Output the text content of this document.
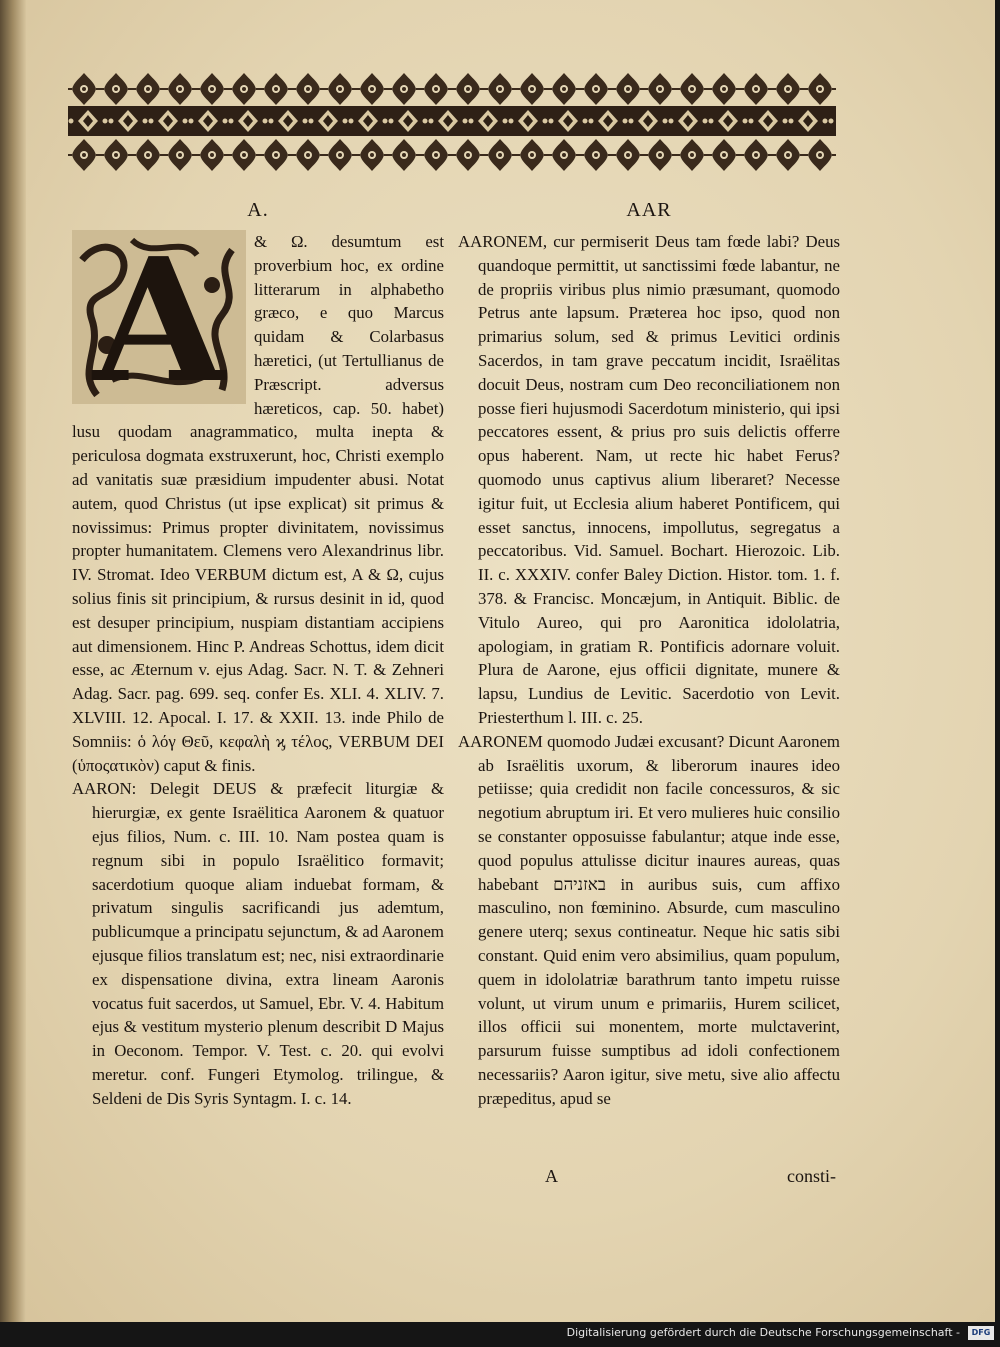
A.
A	& Ω. desumtum est proverbium hoc, ex ordine litterarum in alphabetho græco, e quo Marcus quidam & Colarbasus hæretici, (ut Tertullianus de Præscript. adversus hæreticos, cap. 50. habet) lusu quodam anagrammatico, multa inepta & periculosa dogmata exstruxerunt, hoc, Christi exemplo ad vanitatis suæ præsidium impudenter abusi. Notat autem, quod Christus (ut ipse explicat) sit primus & novissimus: Primus propter divinitatem, novissimus propter humanitatem. Clemens vero Alexandrinus libr. IV. Stromat. Ideo VERBUM dictum est, A & Ω, cujus solius finis sit principium, & rursus desinit in id, quod est desuper principium, nuspiam distantiam accipiens aut dimensionem. Hinc P. Andreas Schottus, idem dicit esse, ac Æternum v. ejus Adag. Sacr. N. T. & Zehneri Adag. Sacr. pag. 699. seq. confer Es. XLI. 4. XLIV. 7. XLVIII. 12. Apocal. I. 17. & XXII. 13. inde Philo de Somniis: ὁ λόγ Θεῦ, κεφαλὴ ϗ τέλος, VERBUM DEI (ὑποςατικὸν) caput & finis.

AARON: Delegit DEUS & præfecit liturgiæ & hierurgiæ, ex gente Israëlitica Aaronem & quatuor ejus filios, Num. c. III. 10. Nam postea quam is regnum sibi in populo Israëlitico formavit; sacerdotium quoque aliam induebat formam, & privatum singulis sacrificandi jus ademtum, publicumque a principatu sejunctum, & ad Aaronem ejusque filios translatum est; nec, nisi extraordinarie ex dispensatione divina, extra lineam Aaronis vocatus fuit sacerdos, ut Samuel, Ebr. V. 4. Habitum ejus & vestitum mysterio plenum describit D Majus in Oeconom. Tempor. V. Test. c. 20. qui evolvi meretur. conf. Fungeri Etymolog. trilingue, & Seldeni de Dis Syris Syntagm. I. c. 14.

AAR

AARONEM, cur permiserit Deus tam fœde labi? Deus quandoque permittit, ut sanctissimi fœde labantur, ne de propriis viribus plus nimio præsumant, quomodo Petrus ante lapsum. Præterea hoc ipso, quod non primarius solum, sed & primus Levitici ordinis Sacerdos, in tam grave peccatum incidit, Israëlitas docuit Deus, nostram cum Deo reconciliationem non posse fieri hujusmodi Sacerdotum ministerio, qui ipsi peccatores essent, & prius pro suis delictis offerre opus haberent. Nam, ut recte hic habet Ferus? quomodo unus captivus alium liberaret? Necesse igitur fuit, ut Ecclesia alium haberet Pontificem, qui esset sanctus, innocens, impollutus, segregatus a peccatoribus. Vid. Samuel. Bochart. Hierozoic. Lib. II. c. XXXIV. confer Baley Diction. Histor. tom. 1. f. 378. & Francisc. Moncæjum, in Antiquit. Biblic. de Vitulo Aureo, qui pro Aaronitica idololatria, apologiam, in gratiam R. Pontificis adornare voluit. Plura de Aarone, ejus officii dignitate, munere & lapsu, Lundius de Levitic. Sacerdotio von Levit. Priesterthum l. III. c. 25.

AARONEM quomodo Judæi excusant? Dicunt Aaronem ab Israëlitis uxorum, & liberorum inaures ideo petiisse; quia credidit non facile concessuros, & sic negotium abruptum iri. Et vero mulieres huic consilio se constanter opposuisse fabulantur; atque inde esse, quod populus attulisse dicitur inaures aureas, quas habebant באזניהם in auribus suis, cum affixo masculino, non fœminino. Absurde, cum masculino genere uterq; sexus contineatur. Neque hic satis sibi constant. Quid enim vero absimilius, quam populum, quem in idololatriæ barathrum tanto impetu ruisse volunt, ut virum unum e primariis, Hurem scilicet, illos officii sui monentem, morte mulctaverint, parsurum fuisse sumptibus ad idoli confectionem necessariis? Aaron igitur, sive metu, sive alio affectu præpeditus, apud se

A	consti-
Digitalisierung gefördert durch die Deutsche Forschungsgemeinschaft -	DFG
